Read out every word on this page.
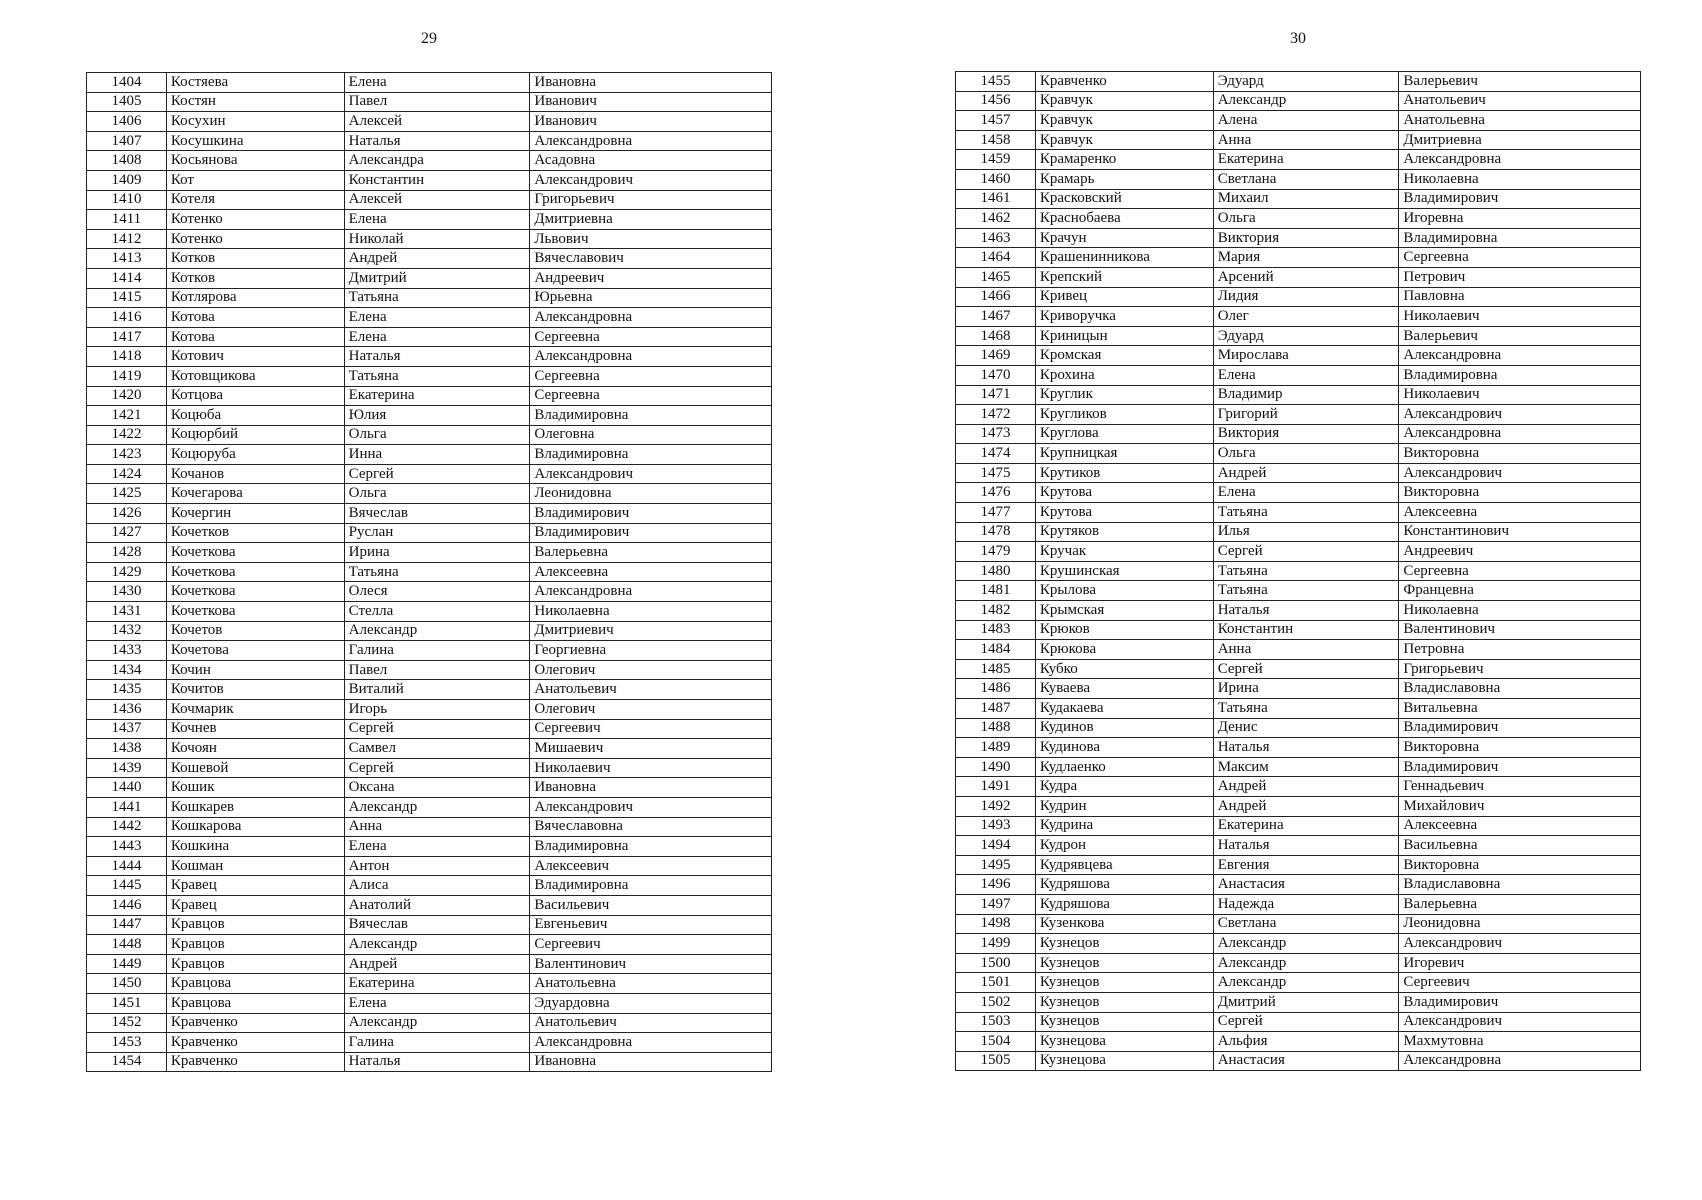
29
1404	Костяева	Елена	Ивановна
1405	Костян	Павел	Иванович
1406	Косухин	Алексей	Иванович
1407	Косушкина	Наталья	Александровна
1408	Косьянова	Александра	Асадовна
1409	Кот	Константин	Александрович
1410	Котеля	Алексей	Григорьевич
1411	Котенко	Елена	Дмитриевна
1412	Котенко	Николай	Львович
1413	Котков	Андрей	Вячеславович
1414	Котков	Дмитрий	Андреевич
1415	Котлярова	Татьяна	Юрьевна
1416	Котова	Елена	Александровна
1417	Котова	Елена	Сергеевна
1418	Котович	Наталья	Александровна
1419	Котовщикова	Татьяна	Сергеевна
1420	Котцова	Екатерина	Сергеевна
1421	Коцюба	Юлия	Владимировна
1422	Коцюрбий	Ольга	Олеговна
1423	Коцюруба	Инна	Владимировна
1424	Кочанов	Сергей	Александрович
1425	Кочегарова	Ольга	Леонидовна
1426	Кочергин	Вячеслав	Владимирович
1427	Кочетков	Руслан	Владимирович
1428	Кочеткова	Ирина	Валерьевна
1429	Кочеткова	Татьяна	Алексеевна
1430	Кочеткова	Олеся	Александровна
1431	Кочеткова	Стелла	Николаевна
1432	Кочетов	Александр	Дмитриевич
1433	Кочетова	Галина	Георгиевна
1434	Кочин	Павел	Олегович
1435	Кочитов	Виталий	Анатольевич
1436	Кочмарик	Игорь	Олегович
1437	Кочнев	Сергей	Сергеевич
1438	Кочоян	Самвел	Мишаевич
1439	Кошевой	Сергей	Николаевич
1440	Кошик	Оксана	Ивановна
1441	Кошкарев	Александр	Александрович
1442	Кошкарова	Анна	Вячеславовна
1443	Кошкина	Елена	Владимировна
1444	Кошман	Антон	Алексеевич
1445	Кравец	Алиса	Владимировна
1446	Кравец	Анатолий	Васильевич
1447	Кравцов	Вячеслав	Евгеньевич
1448	Кравцов	Александр	Сергеевич
1449	Кравцов	Андрей	Валентинович
1450	Кравцова	Екатерина	Анатольевна
1451	Кравцова	Елена	Эдуардовна
1452	Кравченко	Александр	Анатольевич
1453	Кравченко	Галина	Александровна
1454	Кравченко	Наталья	Ивановна
30
1455	Кравченко	Эдуард	Валерьевич
1456	Кравчук	Александр	Анатольевич
1457	Кравчук	Алена	Анатольевна
1458	Кравчук	Анна	Дмитриевна
1459	Крамаренко	Екатерина	Александровна
1460	Крамарь	Светлана	Николаевна
1461	Красковский	Михаил	Владимирович
1462	Краснобаева	Ольга	Игоревна
1463	Крачун	Виктория	Владимировна
1464	Крашенинникова	Мария	Сергеевна
1465	Крепский	Арсений	Петрович
1466	Кривец	Лидия	Павловна
1467	Криворучка	Олег	Николаевич
1468	Криницын	Эдуард	Валерьевич
1469	Кромская	Мирослава	Александровна
1470	Крохина	Елена	Владимировна
1471	Круглик	Владимир	Николаевич
1472	Кругликов	Григорий	Александрович
1473	Круглова	Виктория	Александровна
1474	Крупницкая	Ольга	Викторовна
1475	Крутиков	Андрей	Александрович
1476	Крутова	Елена	Викторовна
1477	Крутова	Татьяна	Алексеевна
1478	Крутяков	Илья	Константинович
1479	Кручак	Сергей	Андреевич
1480	Крушинская	Татьяна	Сергеевна
1481	Крылова	Татьяна	Францевна
1482	Крымская	Наталья	Николаевна
1483	Крюков	Константин	Валентинович
1484	Крюкова	Анна	Петровна
1485	Кубко	Сергей	Григорьевич
1486	Куваева	Ирина	Владиславовна
1487	Кудакаева	Татьяна	Витальевна
1488	Кудинов	Денис	Владимирович
1489	Кудинова	Наталья	Викторовна
1490	Кудлаенко	Максим	Владимирович
1491	Кудра	Андрей	Геннадьевич
1492	Кудрин	Андрей	Михайлович
1493	Кудрина	Екатерина	Алексеевна
1494	Кудрон	Наталья	Васильевна
1495	Кудрявцева	Евгения	Викторовна
1496	Кудряшова	Анастасия	Владиславовна
1497	Кудряшова	Надежда	Валерьевна
1498	Кузенкова	Светлана	Леонидовна
1499	Кузнецов	Александр	Александрович
1500	Кузнецов	Александр	Игоревич
1501	Кузнецов	Александр	Сергеевич
1502	Кузнецов	Дмитрий	Владимирович
1503	Кузнецов	Сергей	Александрович
1504	Кузнецова	Альфия	Махмутовна
1505	Кузнецова	Анастасия	Александровна
